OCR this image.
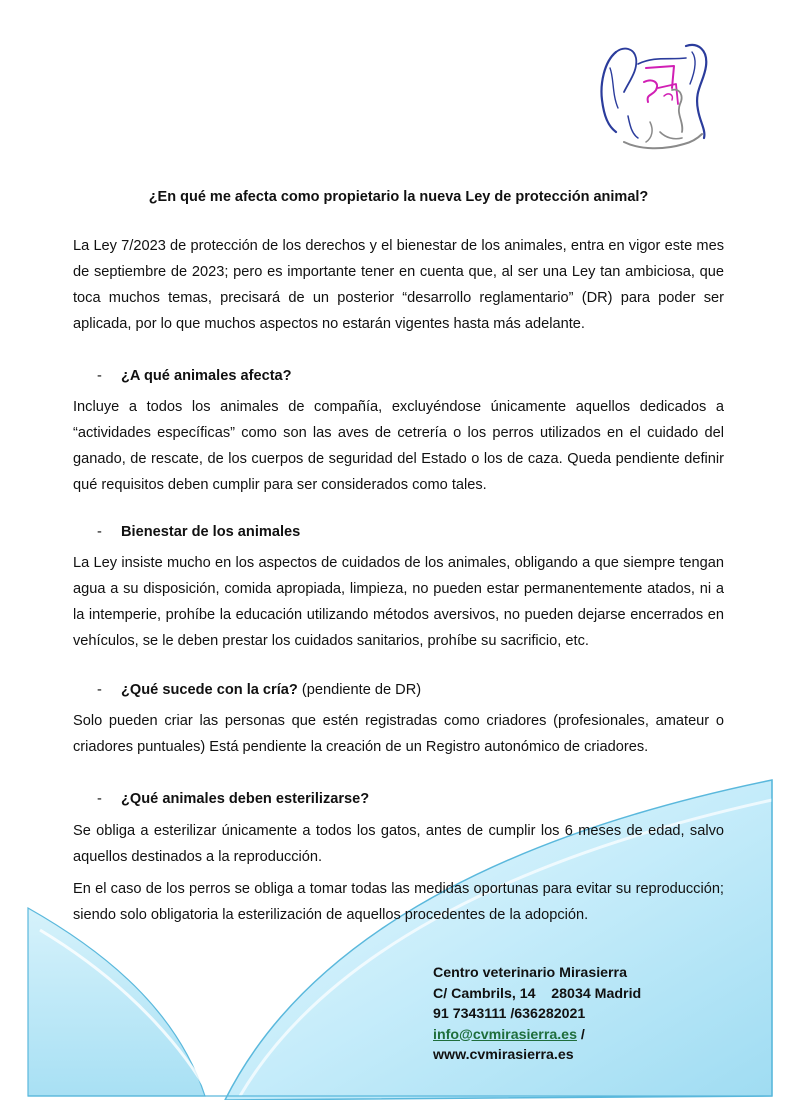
¿En qué me afecta como propietario la nueva Ley de protección animal?

La Ley 7/2023 de protección de los derechos y el bienestar de los animales, entra en vigor este mes de septiembre de 2023; pero es importante tener en cuenta que, al ser una Ley tan ambiciosa, que toca muchos temas, precisará de un posterior “desarrollo reglamentario” (DR) para poder ser aplicada, por lo que muchos aspectos no estarán vigentes hasta más adelante.

- ¿A qué animales afecta?

Incluye a todos los animales de compañía, excluyéndose únicamente aquellos dedicados a “actividades específicas” como son las aves de cetrería o los perros utilizados en el cuidado del ganado, de rescate, de los cuerpos de seguridad del Estado o los de caza. Queda pendiente definir qué requisitos deben cumplir para ser considerados como tales.

- Bienestar de los animales

La Ley insiste mucho en los aspectos de cuidados de los animales, obligando a que siempre tengan agua a su disposición, comida apropiada, limpieza, no pueden estar permanentemente atados, ni a la intemperie, prohíbe la educación utilizando métodos aversivos, no pueden dejarse encerrados en vehículos, se le deben prestar los cuidados sanitarios, prohíbe su sacrificio, etc.

- ¿Qué sucede con la cría? (pendiente de DR)

Solo pueden criar las personas que estén registradas como criadores (profesionales, amateur o criadores puntuales) Está pendiente la creación de un Registro autonómico de criadores.

- ¿Qué animales deben esterilizarse?

Se obliga a esterilizar únicamente a todos los gatos, antes de cumplir los 6 meses de edad, salvo aquellos destinados a la reproducción.

En el caso de los perros se obliga a tomar todas las medidas oportunas para evitar su reproducción; siendo solo obligatoria la esterilización de aquellos procedentes de la adopción.

Centro veterinario Mirasierra
C/ Cambrils, 14    28034 Madrid
91 7343111 /636282021
info@cvmirasierra.es /
www.cvmirasierra.es
